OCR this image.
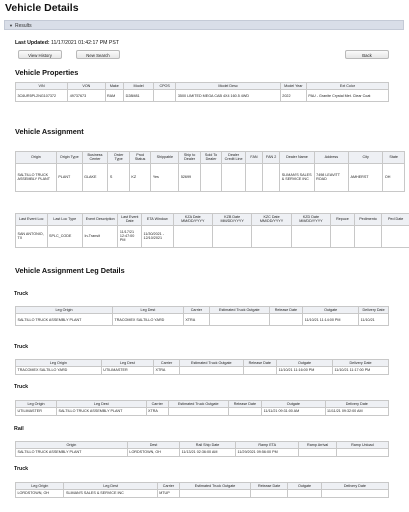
Vehicle Details
▼ Results
Last Updated: 11/17/2021 01:42:17 PM PST
View History	New Search	Back
Vehicle Properties
VIN	VON	Make	Model	CPOS	Model Desc	Model Year	Ext Color
3C6UR5PL2NG107372	49737673	RAM	D28M81		3500 LIMITED MEGA CAB 4X4 160.5 4WD	2022	PAU - Granite Crystal Met. Clear Coat
Vehicle Assignment
Origin	Origin Type	Business Center	Order Type	Prod Status	Shippable	Ship to Dealer	Sold To Dealer	Dealer Credit Line	FAN	FAN 2	Dealer Name	Address	City	State
SALTILLO TRUCK ASSEMBLY PLANT	PLANT	GLAKE	S	KZ	Yes	52699					SLIMAN'S SALES & SERVICE INC	7498 LEAVITT ROAD	AMHERST	OH
Last Event Loc	Last Loc Type	Event Description	Last Event Date	ETA Window	KZA Date MM/DD/YYYY	KZB Date MM/DD/YYYY	KZC Date MM/DD/YYYY	KZD Date MM/DD/YYYY	Repuce	Pedimento	Ped Date
SAN ANTONIO, TX	SPLC_CODE	In-Transit	11/17/21 12:47:00 PM	11/30/2021 - 12/10/2021							
Vehicle Assignment Leg Details
Truck
Leg Origin	Leg Dest	Carrier	Estimated Truck Outgate	Release Date	Outgate	Delivery Date
SALTILLO TRUCK ASSEMBLY PLANT	TRACOMEX SALTILLO YARD	XTRA			11/10/21 11:14:00 PM	11/10/21
Truck
Leg Origin	Leg Dest	Carrier	Estimated Truck Outgate	Release Date	Outgate	Delivery Date
TRACOMEX SALTILLO YARD	UTILIMASTER	XTRA			11/10/21 11:16:00 PM	11/10/21 11:17:00 PM
Truck
Leg Origin	Leg Dest	Carrier	Estimated Truck Outgate	Release Date	Outgate	Delivery Date
UTILIMASTER	SALTILLO TRUCK ASSEMBLY PLANT	XTRA			11/11/21 09:31:00 AM	11/11/21 09:32:00 AM
Rail
Origin	Dest	Rail Ship Date	Ramp ETA	Ramp Arrival	Ramp Unload
SALTILLO TRUCK ASSEMBLY PLANT	LORDSTOWN, OH	11/13/21 02:36:00 AM	11/29/2021 09:56:00 PM		
Truck
Leg Origin	Leg Dest	Carrier	Estimated Truck Outgate	Release Date	Outgate	Delivery Date
LORDSTOWN, OH	SLIMAN'S SALES & SERVICE INC	MTUP				
